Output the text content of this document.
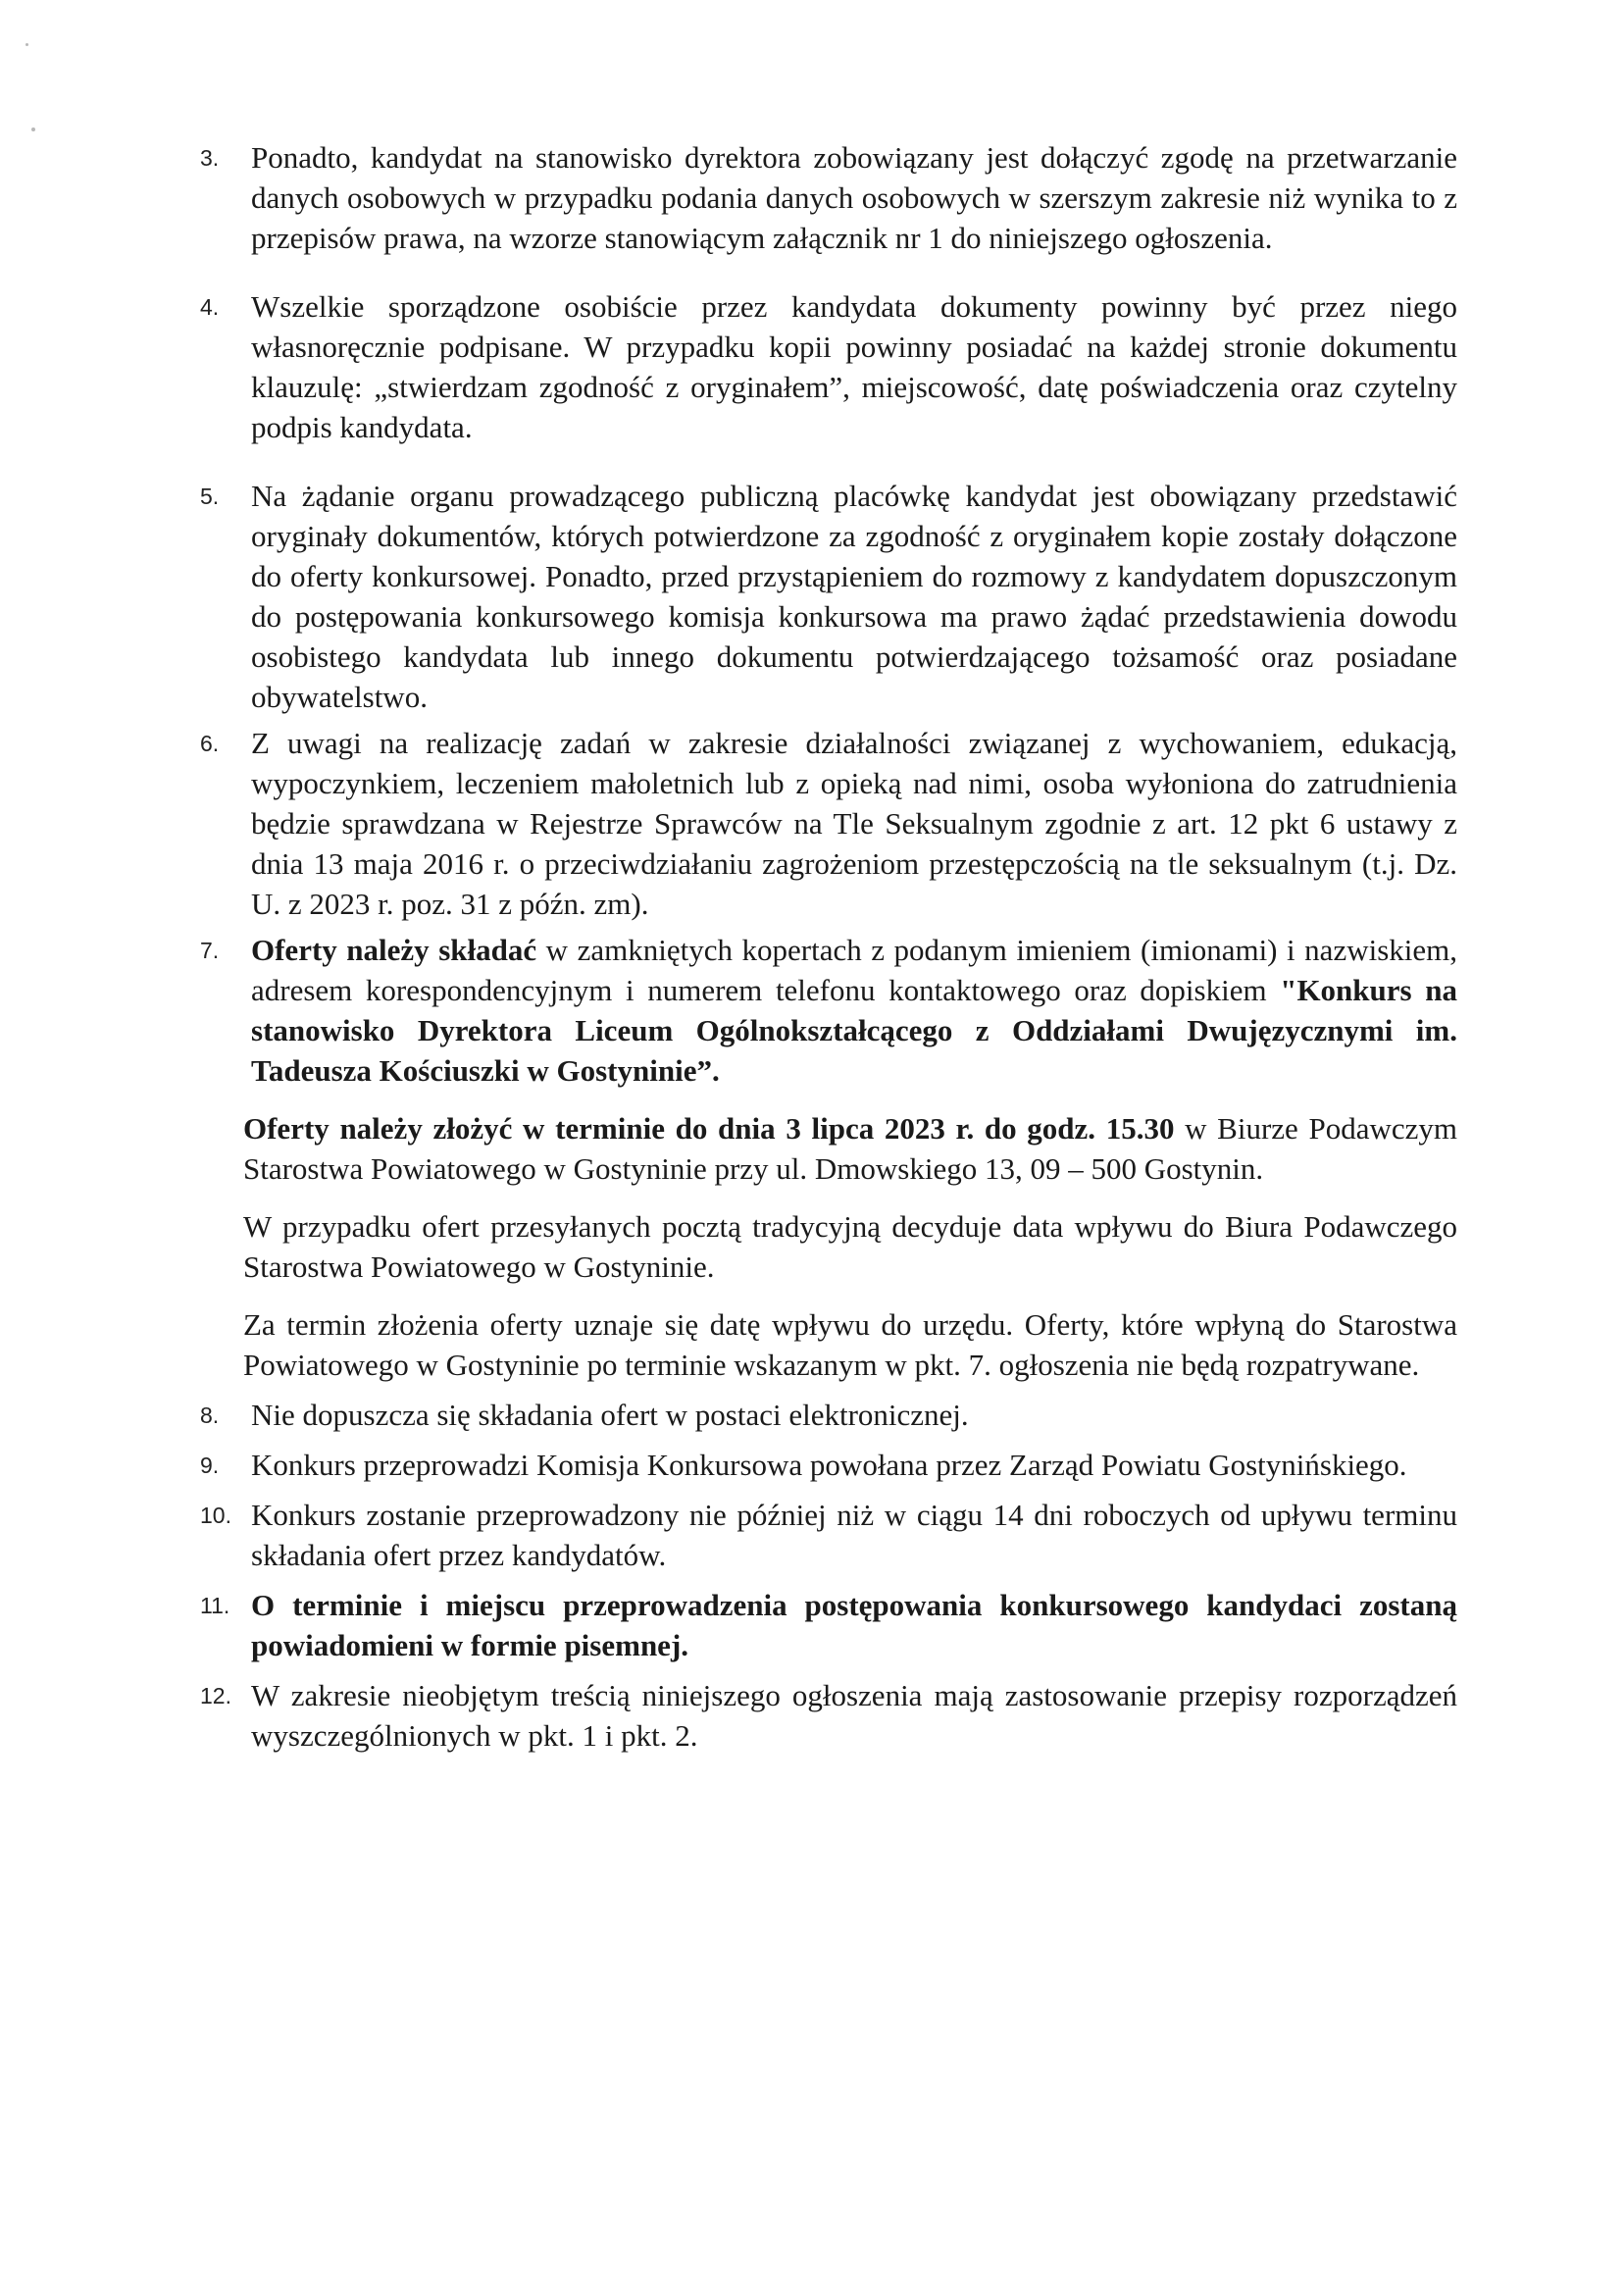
3. Ponadto, kandydat na stanowisko dyrektora zobowiązany jest dołączyć zgodę na przetwarzanie danych osobowych w przypadku podania danych osobowych w szerszym zakresie niż wynika to z przepisów prawa, na wzorze stanowiącym załącznik nr 1 do niniejszego ogłoszenia.

4. Wszelkie sporządzone osobiście przez kandydata dokumenty powinny być przez niego własnoręcznie podpisane. W przypadku kopii powinny posiadać na każdej stronie dokumentu klauzulę: „stwierdzam zgodność z oryginałem”, miejscowość, datę poświadczenia oraz czytelny podpis kandydata.

5. Na żądanie organu prowadzącego publiczną placówkę kandydat jest obowiązany przedstawić oryginały dokumentów, których potwierdzone za zgodność z oryginałem kopie zostały dołączone do oferty konkursowej. Ponadto, przed przystąpieniem do rozmowy z kandydatem dopuszczonym do postępowania konkursowego komisja konkursowa ma prawo żądać przedstawienia dowodu osobistego kandydata lub innego dokumentu potwierdzającego tożsamość oraz posiadane obywatelstwo.

6. Z uwagi na realizację zadań w zakresie działalności związanej z wychowaniem, edukacją, wypoczynkiem, leczeniem małoletnich lub z opieką nad nimi, osoba wyłoniona do zatrudnienia będzie sprawdzana w Rejestrze Sprawców na Tle Seksualnym zgodnie z art. 12 pkt 6 ustawy z dnia 13 maja 2016 r. o przeciwdziałaniu zagrożeniom przestępczością na tle seksualnym (t.j. Dz. U. z 2023 r. poz. 31 z późn. zm).

7. Oferty należy składać w zamkniętych kopertach z podanym imieniem (imionami) i nazwiskiem, adresem korespondencyjnym i numerem telefonu kontaktowego oraz dopiskiem "Konkurs na stanowisko Dyrektora Liceum Ogólnokształcącego z Oddziałami Dwujęzycznymi im. Tadeusza Kościuszki w Gostyninie”.

Oferty należy złożyć w terminie do dnia 3 lipca 2023 r. do godz. 15.30 w Biurze Podawczym Starostwa Powiatowego w Gostyninie przy ul. Dmowskiego 13, 09 – 500 Gostynin.

W przypadku ofert przesyłanych pocztą tradycyjną decyduje data wpływu do Biura Podawczego Starostwa Powiatowego w Gostyninie.

Za termin złożenia oferty uznaje się datę wpływu do urzędu. Oferty, które wpłyną do Starostwa Powiatowego w Gostyninie po terminie wskazanym w pkt. 7. ogłoszenia nie będą rozpatrywane.

8. Nie dopuszcza się składania ofert w postaci elektronicznej.

9. Konkurs przeprowadzi Komisja Konkursowa powołana przez Zarząd Powiatu Gostynińskiego.

10. Konkurs zostanie przeprowadzony nie później niż w ciągu 14 dni roboczych od upływu terminu składania ofert przez kandydatów.

11. O terminie i miejscu przeprowadzenia postępowania konkursowego kandydaci zostaną powiadomieni w formie pisemnej.

12. W zakresie nieobjętym treścią niniejszego ogłoszenia mają zastosowanie przepisy rozporządzeń wyszczególnionych w pkt. 1 i pkt. 2.
